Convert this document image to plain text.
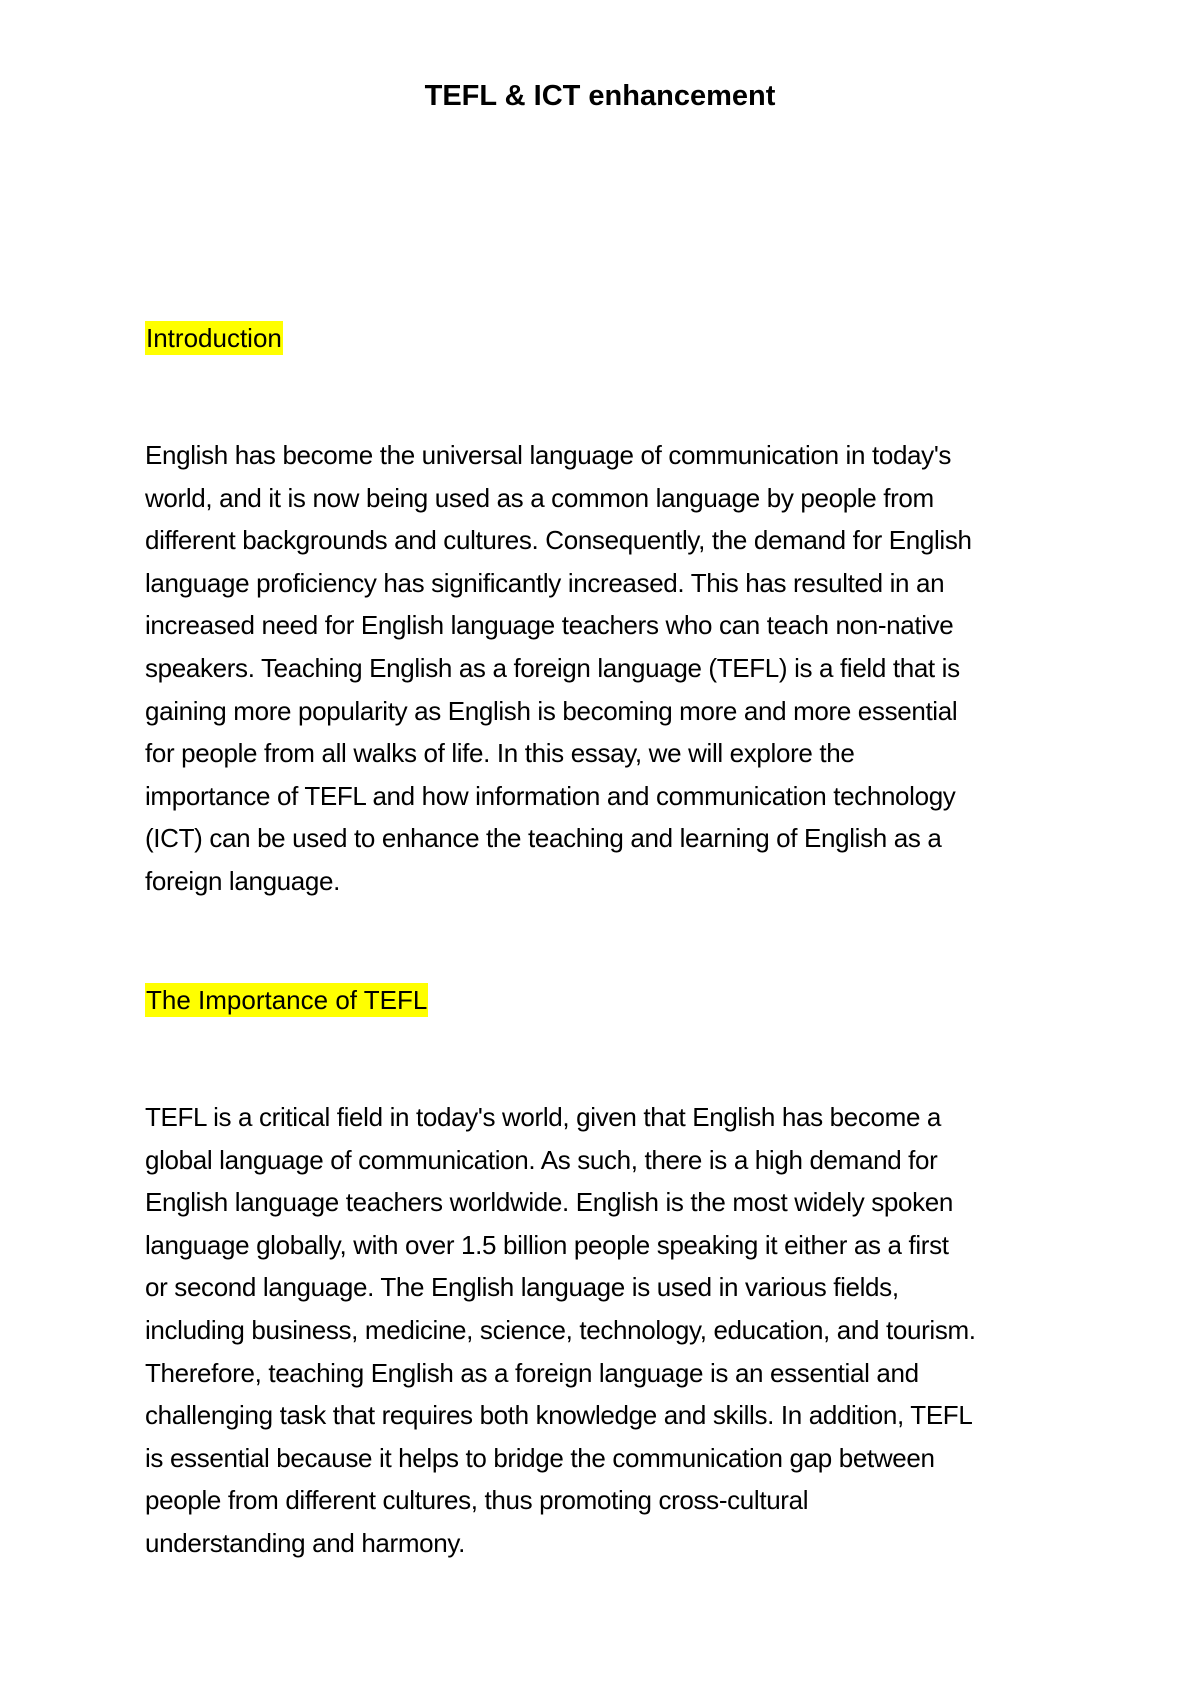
TEFL & ICT enhancement
Introduction
English has become the universal language of communication in today's
world, and it is now being used as a common language by people from
different backgrounds and cultures. Consequently, the demand for English
language proficiency has significantly increased. This has resulted in an
increased need for English language teachers who can teach non-native
speakers. Teaching English as a foreign language (TEFL) is a field that is
gaining more popularity as English is becoming more and more essential
for people from all walks of life. In this essay, we will explore the
importance of TEFL and how information and communication technology
(ICT) can be used to enhance the teaching and learning of English as a
foreign language.
The Importance of TEFL
TEFL is a critical field in today's world, given that English has become a
global language of communication. As such, there is a high demand for
English language teachers worldwide. English is the most widely spoken
language globally, with over 1.5 billion people speaking it either as a first
or second language. The English language is used in various fields,
including business, medicine, science, technology, education, and tourism.
Therefore, teaching English as a foreign language is an essential and
challenging task that requires both knowledge and skills. In addition, TEFL
is essential because it helps to bridge the communication gap between
people from different cultures, thus promoting cross-cultural
understanding and harmony.
